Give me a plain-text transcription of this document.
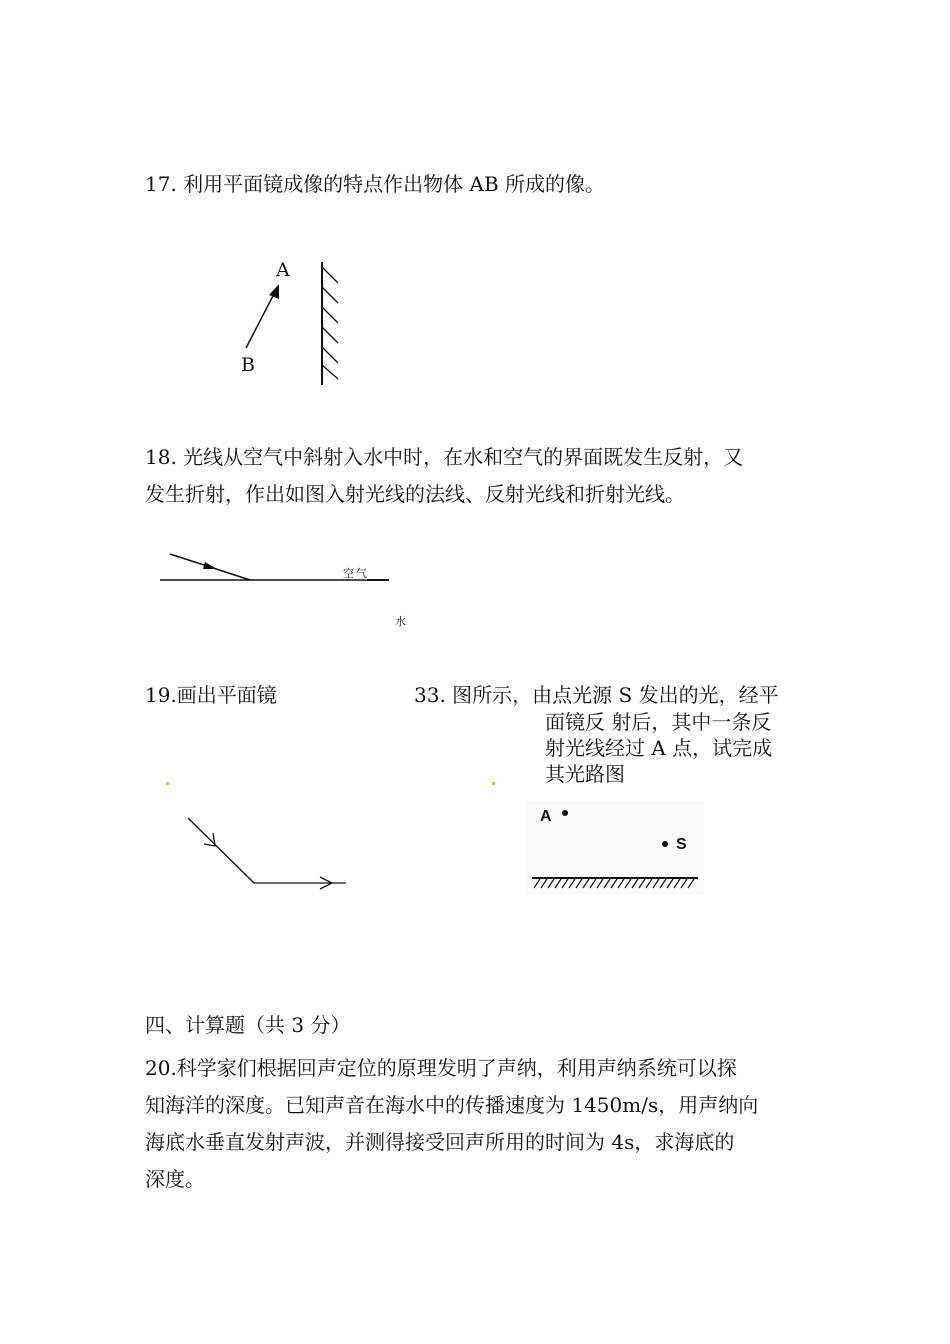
17. 利用平面镜成像的特点作出物体 AB 所成的像。
A
B
18. 光线从空气中斜射入水中时，在水和空气的界面既发生反射，又
发生折射，作出如图入射光线的法线、反射光线和折射光线。
空气
水
19.画出平面镜	33. 图所示，由点光源 S 发出的光，经平
面镜反 射后，其中一条反
射光线经过 A 点，试完成
其光路图
A
S
四、计算题（共 3 分）

20.科学家们根据回声定位的原理发明了声纳，利用声纳系统可以探

知海洋的深度。已知声音在海水中的传播速度为 1450m/s，用声纳向

海底水垂直发射声波，并测得接受回声所用的时间为 4s，求海底的

深度。
